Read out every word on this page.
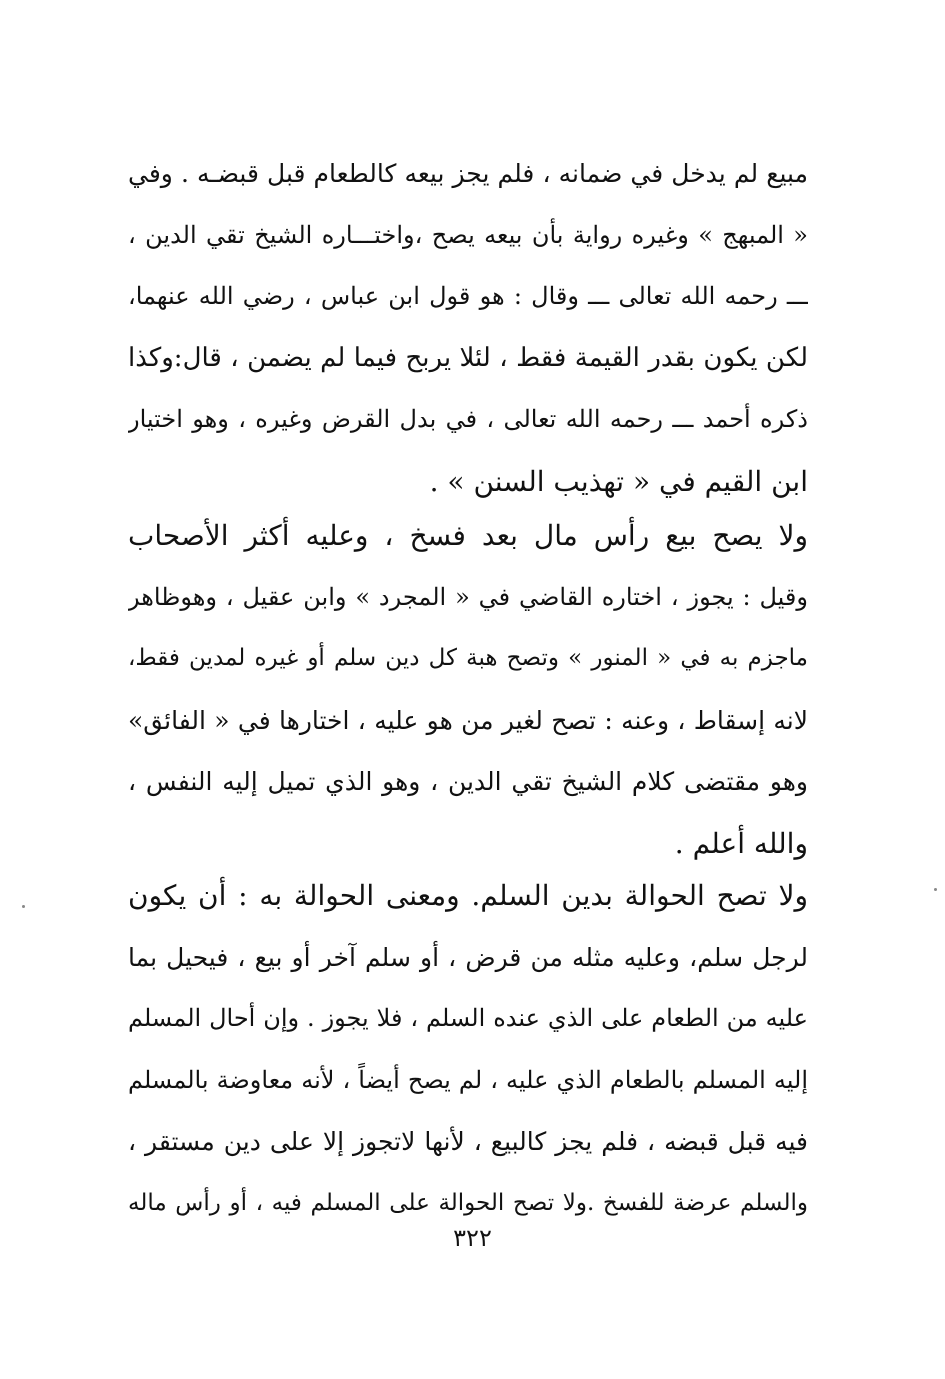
مبيع لم يدخل في ضمانه ، فلم يجز بيعه كالطعام قبل قبضـه . وفي
« المبهج » وغيره رواية بأن بيعه يصح ،واختـــاره الشيخ تقي الدين ،
ـــ رحمه الله تعالى ـــ وقال : هو قول ابن عباس ، رضي الله عنهما،
لكن يكون بقدر القيمة فقط ، لئلا يربح فيما لم يضمن ، قال:وكذا
ذكره أحمد ـــ رحمه الله تعالى ، في بدل القرض وغيره ، وهو اختيار
ابن القيم في « تهذيب السنن » .
ولا يصح بيع رأس مال بعد فسخ ، وعليه أكثر الأصحاب
وقيل : يجوز ، اختاره القاضي في « المجرد » وابن عقيل ، وهوظاهر
ماجزم به في « المنور » وتصح هبة كل دين سلم أو غيره لمدين فقط،
لانه إسقاط ، وعنه : تصح لغير من هو عليه ، اختارها في « الفائق»
وهو مقتضى كلام الشيخ تقي الدين ، وهو الذي تميل إليه النفس ،
والله أعلم .
ولا تصح الحوالة بدين السلم. ومعنى الحوالة به : أن يكون
لرجل سلم، وعليه مثله من قرض ، أو سلم آخر أو بيع ، فيحيل بما
عليه من الطعام على الذي عنده السلم ، فلا يجوز . وإن أحال المسلم
إليه المسلم بالطعام الذي عليه ، لم يصح أيضاً ، لأنه معاوضة بالمسلم
فيه قبل قبضه ، فلم يجز كالبيع ، لأنها لاتجوز إلا على دين مستقر ،
والسلم عرضة للفسخ .ولا تصح الحوالة على المسلم فيه ، أو رأس ماله
٣٢٢
